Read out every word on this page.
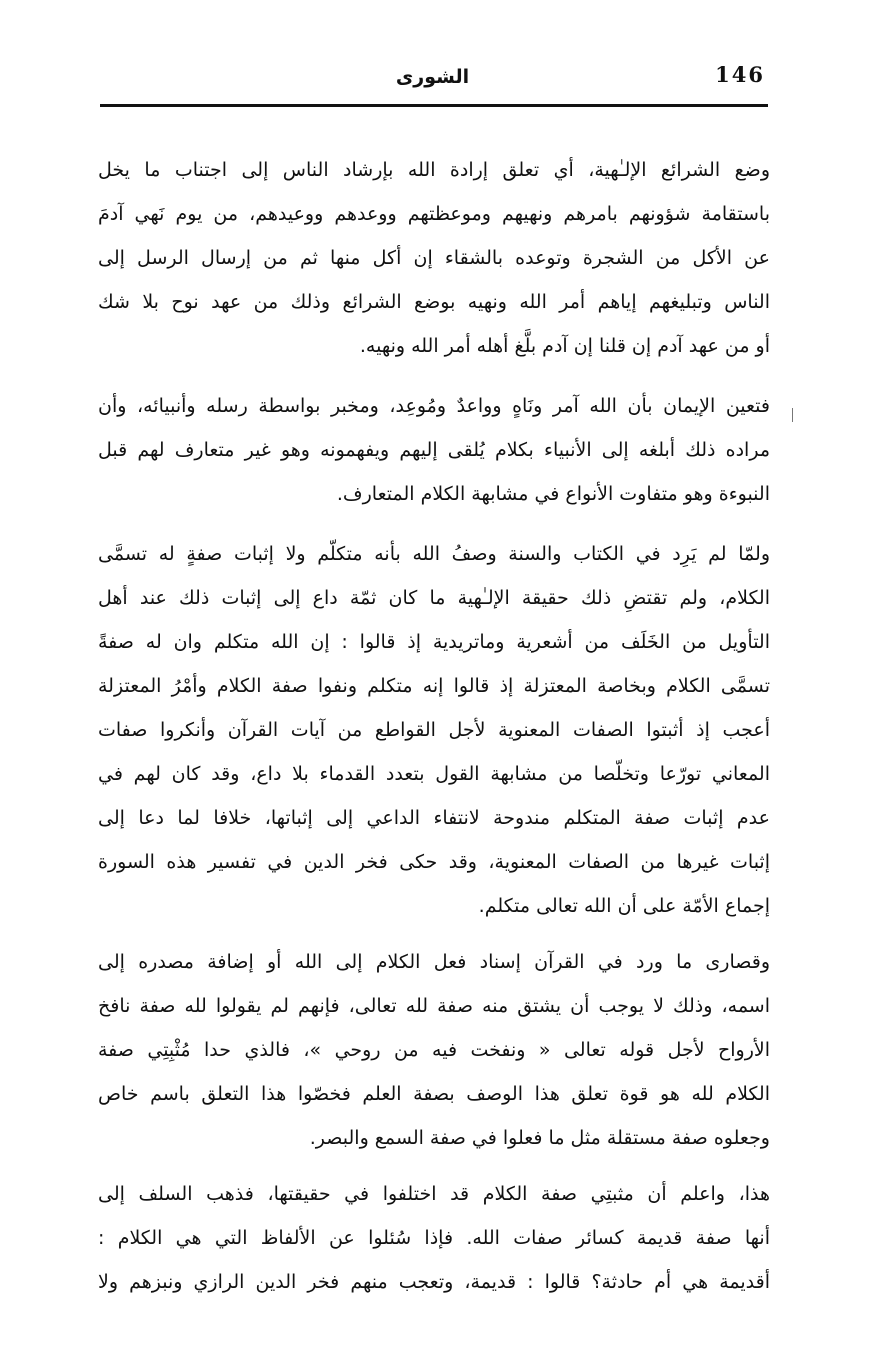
146
الشورى
وضع الشرائع الإلـٰهية، أي تعلق إرادة الله بإرشاد الناس إلى اجتناب ما يخل
باستقامة شؤونهم بامرهم ونهيهم وموعظتهم ووعدهم ووعيدهم، من يوم نَهي آدمَ
عن الأكل من الشجرة وتوعده بالشقاء إن أكل منها ثم من إرسال الرسل إلى
الناس وتبليغهم إياهم أمر الله ونهيه بوضع الشرائع وذلك من عهد نوح بلا شك
أو من عهد آدم إن قلنا إن آدم بلَّغ أهله أمر الله ونهيه.
فتعين الإيمان بأن الله آمر ونَاهٍ وواعدٌ ومُوعِد، ومخبر بواسطة رسله وأنبيائه، وأن
مراده ذلك أبلغه إلى الأنبياء بكلام يُلقى إليهم ويفهمونه وهو غير متعارف لهم قبل
النبوءة وهو متفاوت الأنواع في مشابهة الكلام المتعارف.
ولمّا لم يَرِد في الكتاب والسنة وصفُ الله بأنه متكلّم ولا إثبات صفةٍ له تسمَّى
الكلام، ولم تقتضِ ذلك حقيقة الإلـٰهية ما كان ثمّة داع إلى إثبات ذلك عند أهل
التأويل من الخَلَف من أشعرية وماتريدية إذ قالوا : إن الله متكلم وان له صفةً
تسمَّى الكلام وبخاصة المعتزلة إذ قالوا إنه متكلم ونفوا صفة الكلام وأمْرُ المعتزلة
أعجب إذ أثبتوا الصفات المعنوية لأجل القواطع من آيات القرآن وأنكروا صفات
المعاني تورّعا وتخلّصا من مشابهة القول بتعدد القدماء بلا داع، وقد كان لهم في
عدم إثبات صفة المتكلم مندوحة لانتفاء الداعي إلى إثباتها، خلافا لما دعا إلى
إثبات غيرها من الصفات المعنوية، وقد حكى فخر الدين في تفسير هذه السورة
إجماع الأمّة على أن الله تعالى متكلم.
وقصارى ما ورد في القرآن إسناد فعل الكلام إلى الله أو إضافة مصدره إلى
اسمه، وذلك لا يوجب أن يشتق منه صفة لله تعالى، فإنهم لم يقولوا لله صفة نافخ
الأرواح لأجل قوله تعالى « ونفخت فيه من روحي »، فالذي حدا مُثْبِتِي صفة
الكلام لله هو قوة تعلق هذا الوصف بصفة العلم فخصّوا هذا التعلق باسم خاص
وجعلوه صفة مستقلة مثل ما فعلوا في صفة السمع والبصر.
هذا، واعلم أن مثبتِي صفة الكلام قد اختلفوا في حقيقتها، فذهب السلف إلى
أنها صفة قديمة كسائر صفات الله. فإذا سُئلوا عن الألفاظ التي هي الكلام :
أقديمة هي أم حادثة؟ قالوا : قديمة، وتعجب منهم فخر الدين الرازي ونبزهم ولا
